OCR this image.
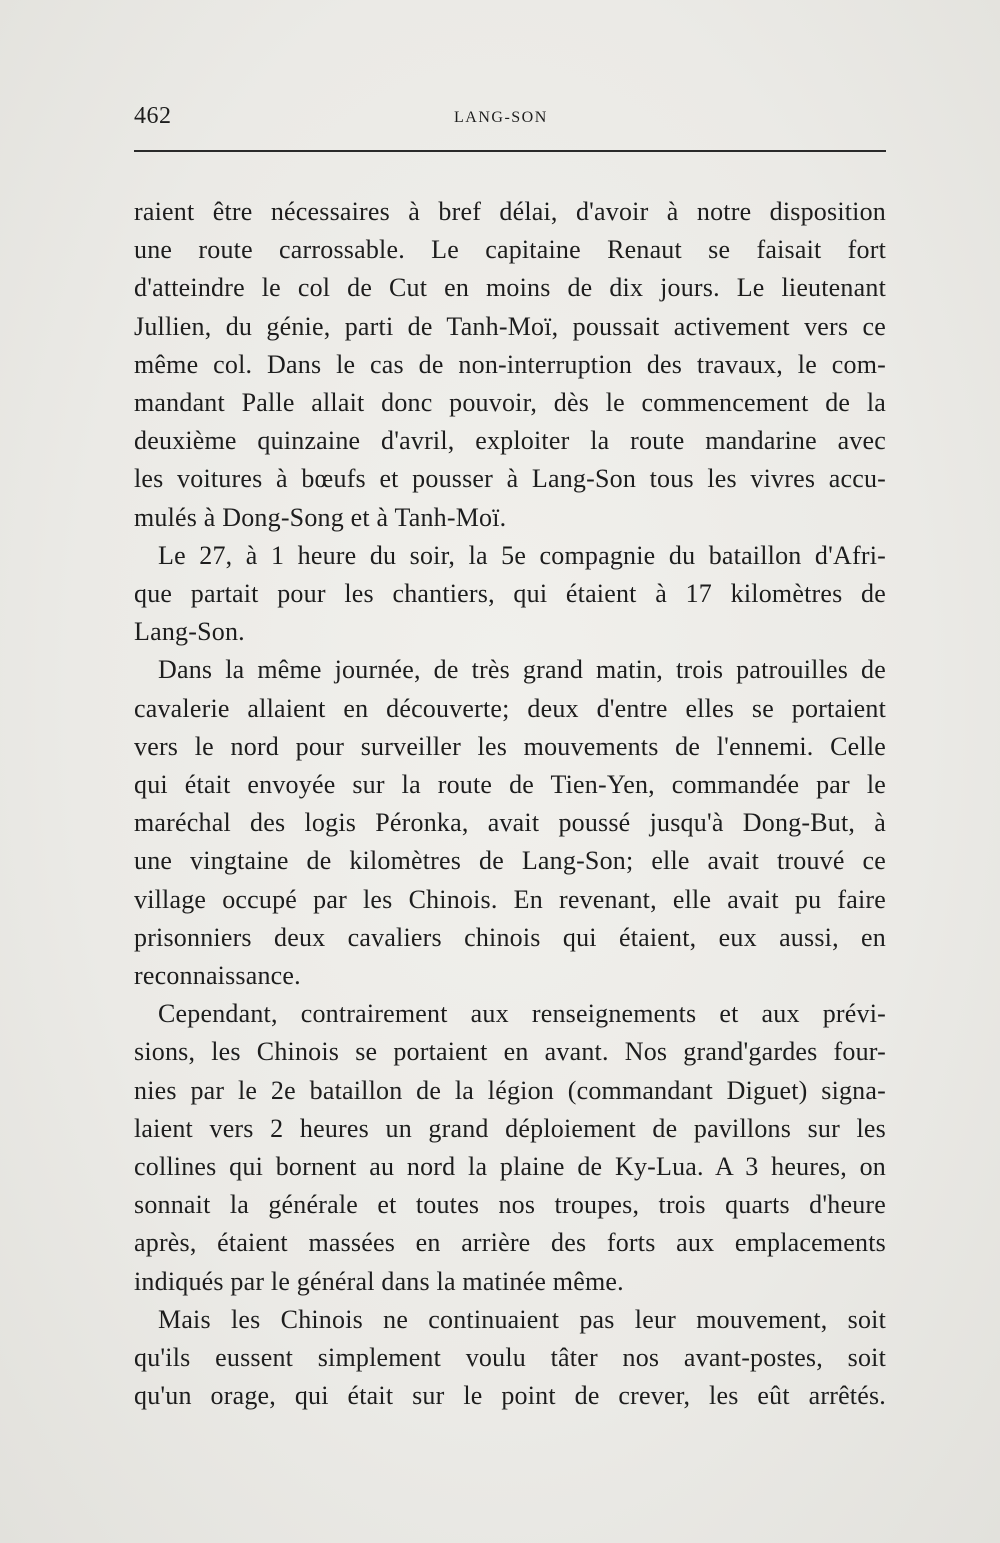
462	LANG-SON

raient être nécessaires à bref délai, d'avoir à notre disposition

une route carrossable. Le capitaine Renaut se faisait fort

d'atteindre le col de Cut en moins de dix jours. Le lieutenant

Jullien, du génie, parti de Tanh-Moï, poussait activement vers ce

même col. Dans le cas de non-interruption des travaux, le com-

mandant Palle allait donc pouvoir, dès le commencement de la

deuxième quinzaine d'avril, exploiter la route mandarine avec

les voitures à bœufs et pousser à Lang-Son tous les vivres accu-

mulés à Dong-Song et à Tanh-Moï.

Le 27, à 1 heure du soir, la 5e compagnie du bataillon d'Afri-

que partait pour les chantiers, qui étaient à 17 kilomètres de

Lang-Son.

Dans la même journée, de très grand matin, trois patrouilles de

cavalerie allaient en découverte; deux d'entre elles se portaient

vers le nord pour surveiller les mouvements de l'ennemi. Celle

qui était envoyée sur la route de Tien-Yen, commandée par le

maréchal des logis Péronka, avait poussé jusqu'à Dong-But, à

une vingtaine de kilomètres de Lang-Son; elle avait trouvé ce

village occupé par les Chinois. En revenant, elle avait pu faire

prisonniers deux cavaliers chinois qui étaient, eux aussi, en

reconnaissance.

Cependant, contrairement aux renseignements et aux prévi-

sions, les Chinois se portaient en avant. Nos grand'gardes four-

nies par le 2e bataillon de la légion (commandant Diguet) signa-

laient vers 2 heures un grand déploiement de pavillons sur les

collines qui bornent au nord la plaine de Ky-Lua. A 3 heures, on

sonnait la générale et toutes nos troupes, trois quarts d'heure

après, étaient massées en arrière des forts aux emplacements

indiqués par le général dans la matinée même.

Mais les Chinois ne continuaient pas leur mouvement, soit

qu'ils eussent simplement voulu tâter nos avant-postes, soit

qu'un orage, qui était sur le point de crever, les eût arrêtés.
